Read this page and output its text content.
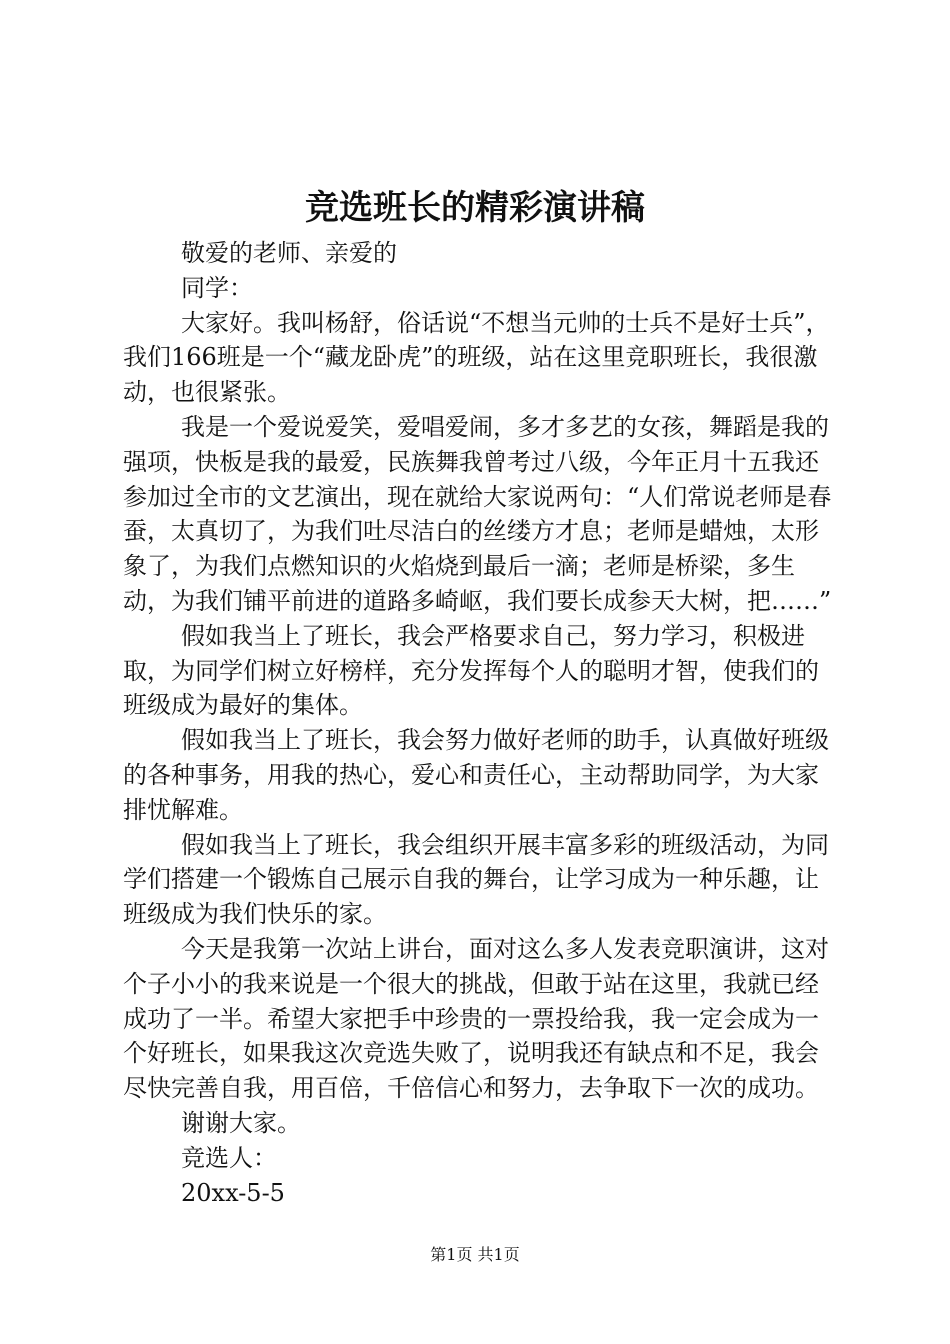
竞选班长的精彩演讲稿
敬爱的老师、亲爱的
同学：

大家好。我叫杨舒，俗话说“不想当元帅的士兵不是好士兵”，我们166班是一个“藏龙卧虎”的班级，站在这里竞职班长，我很激动，也很紧张。

我是一个爱说爱笑，爱唱爱闹，多才多艺的女孩，舞蹈是我的强项，快板是我的最爱，民族舞我曾考过八级，今年正月十五我还参加过全市的文艺演出，现在就给大家说两句：“人们常说老师是春蚕，太真切了，为我们吐尽洁白的丝缕方才息；老师是蜡烛，太形象了，为我们点燃知识的火焰烧到最后一滴；老师是桥梁，多生动，为我们铺平前进的道路多崎岖，我们要长成参天大树，把……”

假如我当上了班长，我会严格要求自己，努力学习，积极进取，为同学们树立好榜样，充分发挥每个人的聪明才智，使我们的班级成为最好的集体。

假如我当上了班长，我会努力做好老师的助手，认真做好班级的各种事务，用我的热心，爱心和责任心，主动帮助同学，为大家排忧解难。

假如我当上了班长，我会组织开展丰富多彩的班级活动，为同学们搭建一个锻炼自己展示自我的舞台，让学习成为一种乐趣，让班级成为我们快乐的家。

今天是我第一次站上讲台，面对这么多人发表竞职演讲，这对个子小小的我来说是一个很大的挑战，但敢于站在这里，我就已经成功了一半。希望大家把手中珍贵的一票投给我，我一定会成为一个好班长，如果我这次竞选失败了，说明我还有缺点和不足，我会尽快完善自我，用百倍，千倍信心和努力，去争取下一次的成功。

谢谢大家。
竞选人：
20xx-5-5
第1页 共1页
